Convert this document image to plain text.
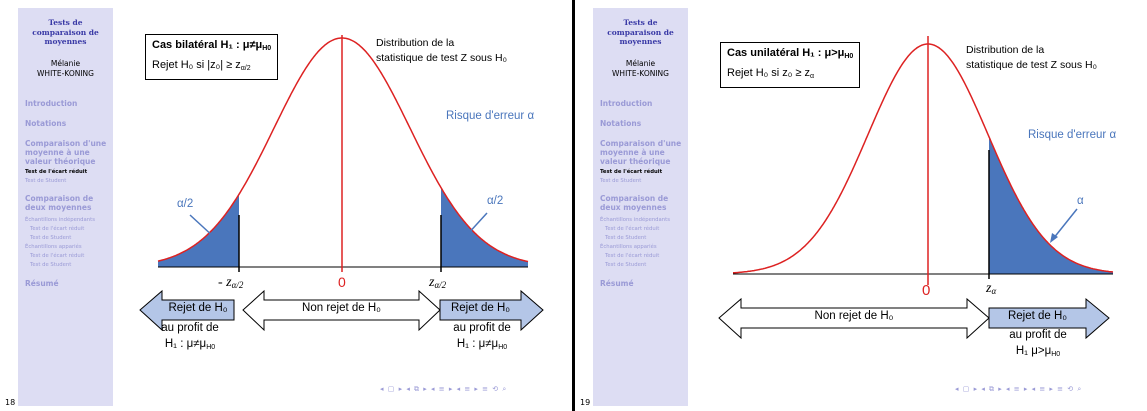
Tests de
comparaison de
moyennes
Mélanie
WHITE-KONING
Introduction
Notations
Comparaison d'une
moyenne à une
valeur théorique
Test de l'écart réduit
Test de Student
Comparaison de
deux moyennes
Échantillons indépendants
Test de l'écart réduit
Test de Student
Échantillons appariés
Test de l'écart réduit
Test de Student
Résumé
Cas bilatéral H₁ : $\mu\ne\mu_{H0}$
Rejet H₀ si $|z_0| \ge z_{\alpha/2}$
Distribution de la
statistique de test Z sous H₀
Risque d'erreur α
α/2	α/2
0
- $z_{\alpha/2}$	$z_{\alpha/2}$
Rejet de H₀	Non rejet de H₀	Rejet de H₀
au profit de
H₁ : $\mu\ne\mu_{H0}$
au profit de
H₁ : $\mu\ne\mu_{H0}$
◂ ▢ ▸ ◂ ⧉ ▸ ◂ ≡ ▸ ◂ ≡ ▸ ≡ ⟲ ⌕
18
Tests de
comparaison de
moyennes
Mélanie
WHITE-KONING
Introduction
Notations
Comparaison d'une
moyenne à une
valeur théorique
Test de l'écart réduit
Test de Student
Comparaison de
deux moyennes
Échantillons indépendants
Test de l'écart réduit
Test de Student
Échantillons appariés
Test de l'écart réduit
Test de Student
Résumé
Cas unilatéral H₁ : $\mu>\mu_{H0}$
Rejet H₀ si $z_0 \ge z_\alpha$
Distribution de la
statistique de test Z sous H₀
Risque d'erreur α
α
0	$z_\alpha$
Non rejet de H₀	Rejet de H₀
au profit de
H₁ $\mu>\mu_{H0}$
◂ ▢ ▸ ◂ ⧉ ▸ ◂ ≡ ▸ ◂ ≡ ▸ ≡ ⟲ ⌕
19
